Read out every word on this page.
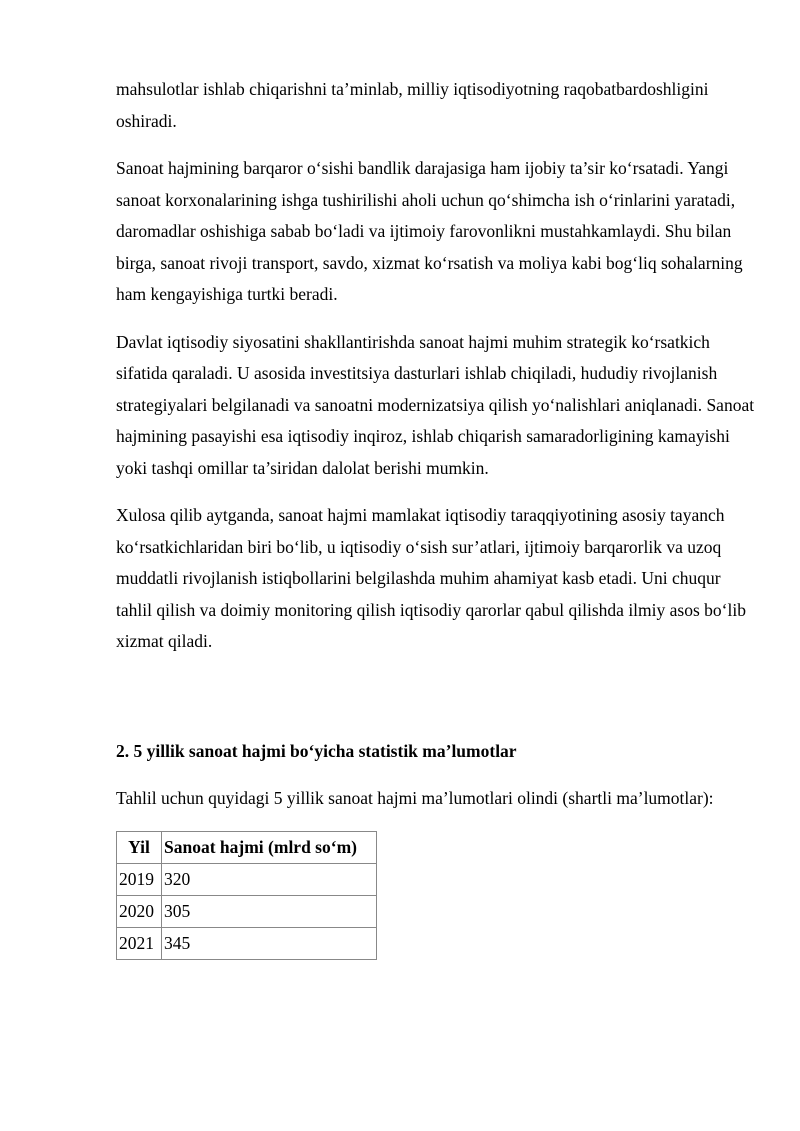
mahsulotlar ishlab chiqarishni ta’minlab, milliy iqtisodiyotning raqobatbardoshligini oshiradi.

Sanoat hajmining barqaror o‘sishi bandlik darajasiga ham ijobiy ta’sir ko‘rsatadi. Yangi sanoat korxonalarining ishga tushirilishi aholi uchun qo‘shimcha ish o‘rinlarini yaratadi, daromadlar oshishiga sabab bo‘ladi va ijtimoiy farovonlikni mustahkamlaydi. Shu bilan birga, sanoat rivoji transport, savdo, xizmat ko‘rsatish va moliya kabi bog‘liq sohalarning ham kengayishiga turtki beradi.

Davlat iqtisodiy siyosatini shakllantirishda sanoat hajmi muhim strategik ko‘rsatkich sifatida qaraladi. U asosida investitsiya dasturlari ishlab chiqiladi, hududiy rivojlanish strategiyalari belgilanadi va sanoatni modernizatsiya qilish yo‘nalishlari aniqlanadi. Sanoat hajmining pasayishi esa iqtisodiy inqiroz, ishlab chiqarish samaradorligining kamayishi yoki tashqi omillar ta’siridan dalolat berishi mumkin.

Xulosa qilib aytganda, sanoat hajmi mamlakat iqtisodiy taraqqiyotining asosiy tayanch ko‘rsatkichlaridan biri bo‘lib, u iqtisodiy o‘sish sur’atlari, ijtimoiy barqarorlik va uzoq muddatli rivojlanish istiqbollarini belgilashda muhim ahamiyat kasb etadi. Uni chuqur tahlil qilish va doimiy monitoring qilish iqtisodiy qarorlar qabul qilishda ilmiy asos bo‘lib xizmat qiladi.

2. 5 yillik sanoat hajmi bo‘yicha statistik ma’lumotlar

Tahlil uchun quyidagi 5 yillik sanoat hajmi ma’lumotlari olindi (shartli ma’lumotlar):

Yil	Sanoat hajmi (mlrd so‘m)
2019	320
2020	305
2021	345
